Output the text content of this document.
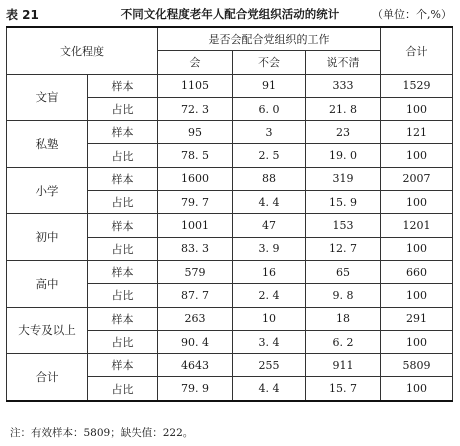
表 21	不同文化程度老年人配合党组织活动的统计	（单位：个,%）
文化程度		是否会配合党组织的工作			合计
		会	不会	说不清	
文盲	样本	1105	91	333	1529
	占比	72. 3	6. 0	21. 8	100
私塾	样本	95	3	23	121
	占比	78. 5	2. 5	19. 0	100
小学	样本	1600	88	319	2007
	占比	79. 7	4. 4	15. 9	100
初中	样本	1001	47	153	1201
	占比	83. 3	3. 9	12. 7	100
高中	样本	579	16	65	660
	占比	87. 7	2. 4	9. 8	100
大专及以上	样本	263	10	18	291
	占比	90. 4	3. 4	6. 2	100
合计	样本	4643	255	911	5809
	占比	79. 9	4. 4	15. 7	100
注：有效样本：5809；缺失值：222。
